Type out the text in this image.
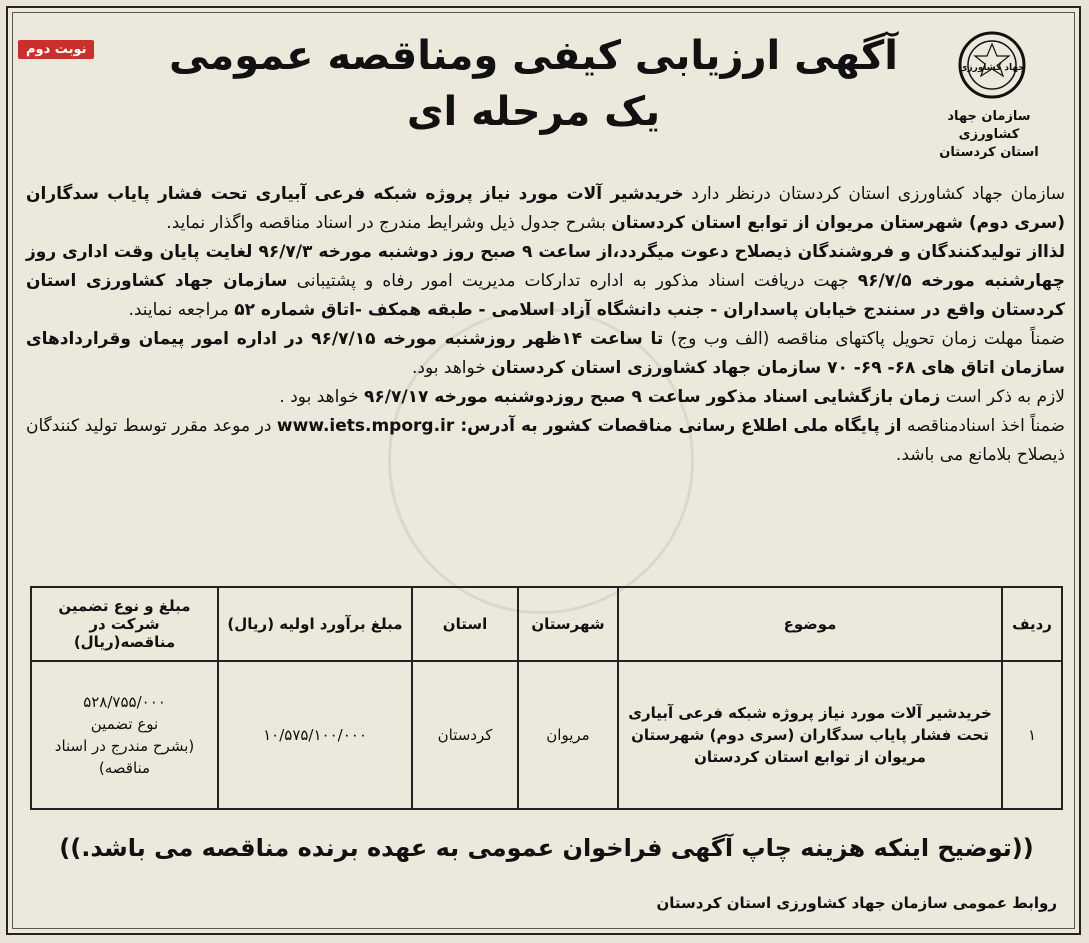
نوبت دوم
جهاد کشاورزی
سازمان جهاد کشاورزی
استان کردستان
آگهی ارزیابی کیفی ومناقصه عمومی
یک مرحله ای

سازمان جهاد کشاورزی استان کردستان درنظر دارد خریدشیر آلات مورد نیاز پروژه شبکه فرعی آبیاری تحت فشار پایاب سدگاران (سری دوم) شهرستان مریوان از توابع استان کردستان بشرح جدول ذیل وشرایط مندرج در اسناد مناقصه واگذار نماید.

لذااز تولیدکنندگان و فروشندگان ذیصلاح دعوت میگردد،از ساعت ۹ صبح روز دوشنبه مورخه ۹۶/۷/۳ لغایت پایان وقت اداری روز چهارشنبه مورخه ۹۶/۷/۵ جهت دریافت اسناد مذکور به اداره تدارکات مدیریت امور رفاه و پشتیبانی سازمان جهاد کشاورزی استان کردستان واقع در سنندج خیابان پاسداران - جنب دانشگاه آزاد اسلامی - طبقه همکف -اتاق شماره ۵۲ مراجعه نمایند.

ضمناً مهلت زمان تحویل پاکتهای مناقصه (الف وب وج) تا ساعت ۱۴ظهر روزشنبه مورخه ۹۶/۷/۱۵ در اداره امور پیمان وقراردادهای سازمان اتاق های ۶۸- ۶۹- ۷۰ سازمان جهاد کشاورزی استان کردستان خواهد بود.

لازم به ذکر است زمان بازگشایی اسناد مذکور ساعت ۹ صبح روزدوشنبه مورخه ۹۶/۷/۱۷ خواهد بود .

ضمناً اخذ اسنادمناقصه از پایگاه ملی اطلاع رسانی مناقصات کشور به آدرس: www.iets.mporg.ir در موعد مقرر توسط تولید کنندگان ذیصلاح بلامانع می باشد.

ردیف	موضوع	شهرستان	استان	مبلغ برآورد اولیه (ریال)	مبلغ و نوع تضمین شرکت در مناقصه(ریال)
۱	خریدشیر آلات مورد نیاز پروژه شبکه فرعی آبیاری تحت فشار پایاب سدگاران (سری دوم) شهرستان مریوان از توابع استان کردستان	مریوان	کردستان	۱۰/۵۷۵/۱۰۰/۰۰۰	۵۲۸/۷۵۵/۰۰۰
نوع تضمین
(بشرح مندرج در اسناد مناقصه)
((توضیح اینکه هزینه چاپ آگهی فراخوان عمومی به عهده برنده مناقصه می باشد.))
روابط عمومی سازمان جهاد کشاورزی استان کردستان
